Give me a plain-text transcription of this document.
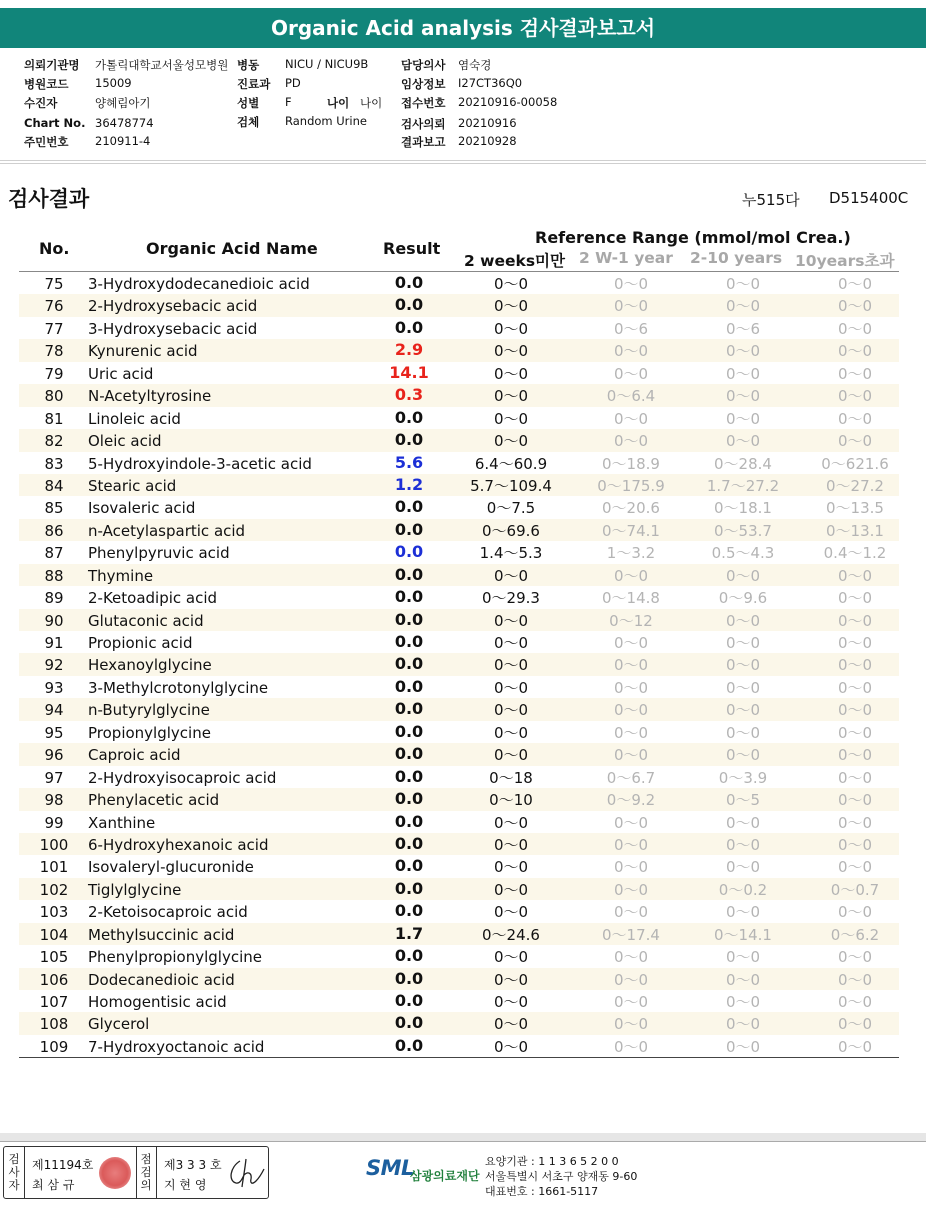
Organic Acid analysis 검사결과보고서
의뢰기관명 가톨릭대학교서울성모병원 병동 NICU / NICU9B	담당의사 염숙경
병원코드 15009	진료과 PD	임상정보 I27CT36Q0
수진자	양혜림아기	성별 F	나이 나이 접수번호 20210916-00058
Chart No. 36478774	검체 Random Urine	검사의뢰 20210916
주민번호 210911-4	결과보고 20210928
검사결과	누515다 D515400C
No.	Organic Acid Name	Result
Reference Range (mmol/mol Crea.)
2 weeks미만 2 W-1 year 2-10 years 10years초과
75	3-Hydroxydodecanedioic acid	0.0	0～0	0～0	0～0	0～0
76	2-Hydroxysebacic acid	0.0	0～0	0～0	0～0	0～0
77	3-Hydroxysebacic acid	0.0	0～0	0～6	0～6	0～0
78	Kynurenic acid	2.9	0～0	0～0	0～0	0～0
79	Uric acid	14.1	0～0	0～0	0～0	0～0
80	N-Acetyltyrosine	0.3	0～0	0～6.4	0～0	0～0
81	Linoleic acid	0.0	0～0	0～0	0～0	0～0
82	Oleic acid	0.0	0～0	0～0	0～0	0～0
83	5-Hydroxyindole-3-acetic acid	5.6	6.4～60.9	0～18.9	0～28.4	0～621.6
84	Stearic acid	1.2	5.7～109.4	0～175.9	1.7～27.2	0～27.2
85	Isovaleric acid	0.0	0～7.5	0～20.6	0～18.1	0～13.5
86	n-Acetylaspartic acid	0.0	0～69.6	0～74.1	0～53.7	0～13.1
87	Phenylpyruvic acid	0.0	1.4～5.3	1～3.2	0.5～4.3	0.4～1.2
88	Thymine	0.0	0～0	0～0	0～0	0～0
89	2-Ketoadipic acid	0.0	0～29.3	0～14.8	0～9.6	0～0
90	Glutaconic acid	0.0	0～0	0～12	0～0	0～0
91	Propionic acid	0.0	0～0	0～0	0～0	0～0
92	Hexanoylglycine	0.0	0～0	0～0	0～0	0～0
93	3-Methylcrotonylglycine	0.0	0～0	0～0	0～0	0～0
94	n-Butyrylglycine	0.0	0～0	0～0	0～0	0～0
95	Propionylglycine	0.0	0～0	0～0	0～0	0～0
96	Caproic acid	0.0	0～0	0～0	0～0	0～0
97	2-Hydroxyisocaproic acid	0.0	0～18	0～6.7	0～3.9	0～0
98	Phenylacetic acid	0.0	0～10	0～9.2	0～5	0～0
99	Xanthine	0.0	0～0	0～0	0～0	0～0
100	6-Hydroxyhexanoic acid	0.0	0～0	0～0	0～0	0～0
101	Isovaleryl-glucuronide	0.0	0～0	0～0	0～0	0～0
102	Tiglylglycine	0.0	0～0	0～0	0～0.2	0～0.7
103	2-Ketoisocaproic acid	0.0	0～0	0～0	0～0	0～0
104	Methylsuccinic acid	1.7	0～24.6	0～17.4	0～14.1	0～6.2
105	Phenylpropionylglycine	0.0	0～0	0～0	0～0	0～0
106	Dodecanedioic acid	0.0	0～0	0～0	0～0	0～0
107	Homogentisic acid	0.0	0～0	0～0	0～0	0～0
108	Glycerol	0.0	0～0	0～0	0～0	0～0
109	7-Hydroxyoctanoic acid	0.0	0～0	0～0	0～0	0～0
검사자
제11194호
최 삼 규
점검의
제3 3 3 호
지 현 영
SML
삼광의료재단
요양기관 : 1 1 3 6 5 2 0 0
서울특별시 서초구 양재동 9-60
대표번호 : 1661-5117
